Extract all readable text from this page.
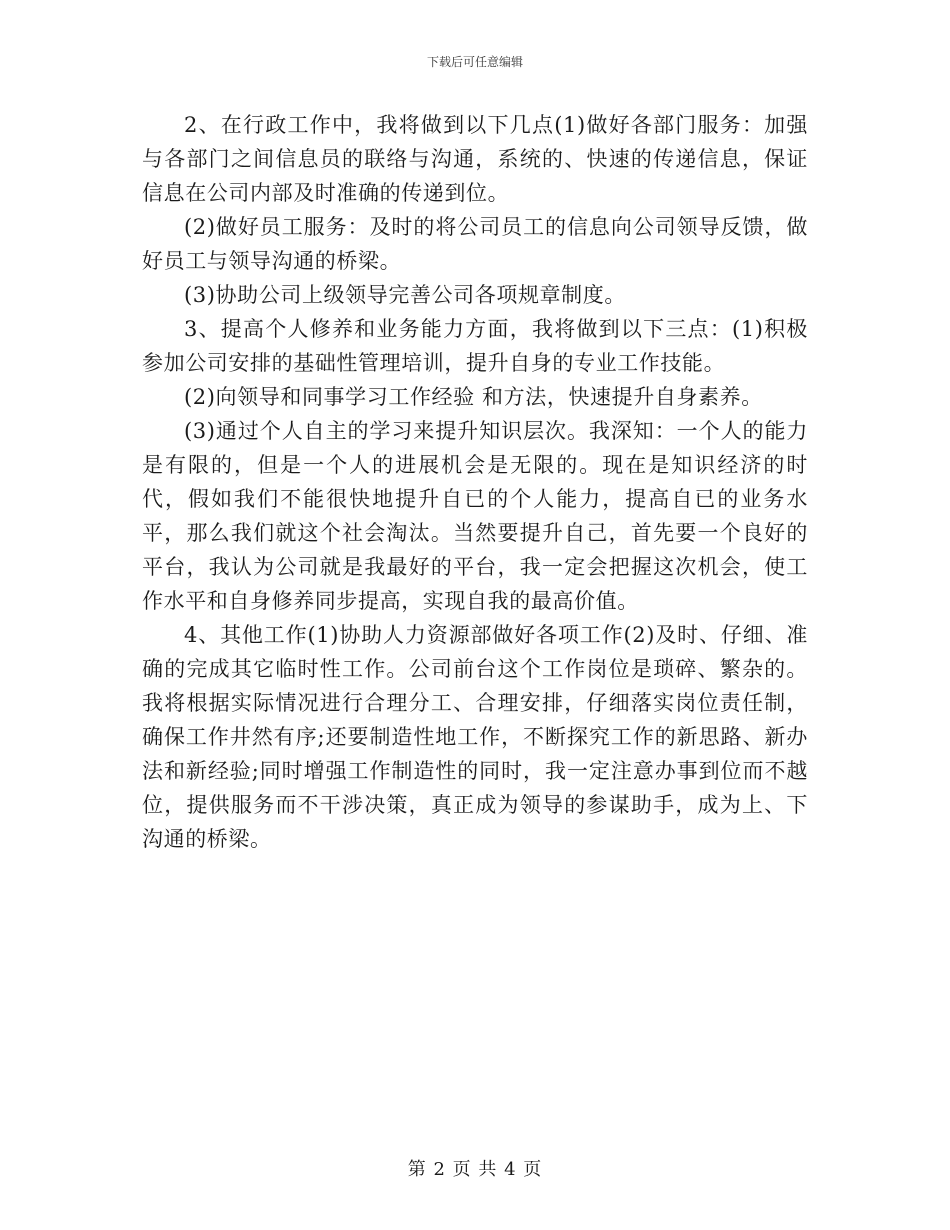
下载后可任意编辑

2、在行政工作中，我将做到以下几点(1)做好各部门服务：加强与各部门之间信息员的联络与沟通，系统的、快速的传递信息，保证信息在公司内部及时准确的传递到位。

(2)做好员工服务：及时的将公司员工的信息向公司领导反馈，做好员工与领导沟通的桥梁。

(3)协助公司上级领导完善公司各项规章制度。

3、提高个人修养和业务能力方面，我将做到以下三点：(1)积极参加公司安排的基础性管理培训，提升自身的专业工作技能。

(2)向领导和同事学习工作经验 和方法，快速提升自身素养。

(3)通过个人自主的学习来提升知识层次。我深知：一个人的能力是有限的，但是一个人的进展机会是无限的。现在是知识经济的时代，假如我们不能很快地提升自已的个人能力，提高自已的业务水平，那么我们就这个社会淘汰。当然要提升自己，首先要一个良好的平台，我认为公司就是我最好的平台，我一定会把握这次机会，使工作水平和自身修养同步提高，实现自我的最高价值。

4、其他工作(1)协助人力资源部做好各项工作(2)及时、仔细、准确的完成其它临时性工作。公司前台这个工作岗位是琐碎、繁杂的。我将根据实际情况进行合理分工、合理安排，仔细落实岗位责任制，确保工作井然有序;还要制造性地工作，不断探究工作的新思路、新办法和新经验;同时增强工作制造性的同时，我一定注意办事到位而不越位，提供服务而不干涉决策，真正成为领导的参谋助手，成为上、下沟通的桥梁。

第 2 页 共 4 页
